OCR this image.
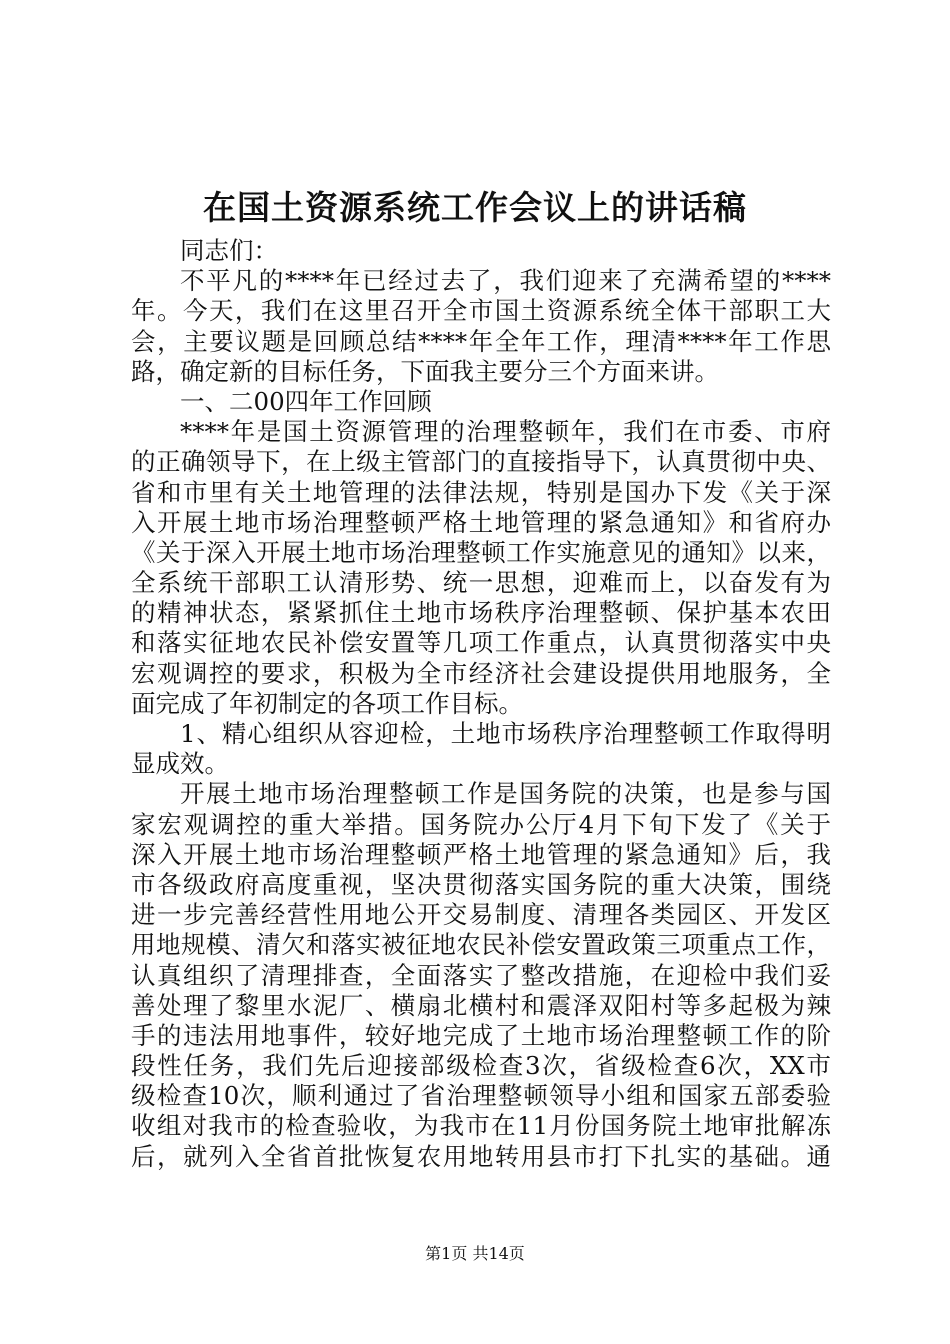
在国土资源系统工作会议上的讲话稿
同志们：
不平凡的****年已经过去了，我们迎来了充满希望的****
年。今天，我们在这里召开全市国土资源系统全体干部职工大
会，主要议题是回顾总结****年全年工作，理清****年工作思
路，确定新的目标任务，下面我主要分三个方面来讲。
一、二00四年工作回顾
****年是国土资源管理的治理整顿年，我们在市委、市府
的正确领导下，在上级主管部门的直接指导下，认真贯彻中央、
省和市里有关土地管理的法律法规，特别是国办下发《关于深
入开展土地市场治理整顿严格土地管理的紧急通知》和省府办
《关于深入开展土地市场治理整顿工作实施意见的通知》以来，
全系统干部职工认清形势、统一思想，迎难而上，以奋发有为
的精神状态，紧紧抓住土地市场秩序治理整顿、保护基本农田
和落实征地农民补偿安置等几项工作重点，认真贯彻落实中央
宏观调控的要求，积极为全市经济社会建设提供用地服务，全
面完成了年初制定的各项工作目标。
1、精心组织从容迎检，土地市场秩序治理整顿工作取得明
显成效。
开展土地市场治理整顿工作是国务院的决策，也是参与国
家宏观调控的重大举措。国务院办公厅4月下旬下发了《关于
深入开展土地市场治理整顿严格土地管理的紧急通知》后，我
市各级政府高度重视，坚决贯彻落实国务院的重大决策，围绕
进一步完善经营性用地公开交易制度、清理各类园区、开发区
用地规模、清欠和落实被征地农民补偿安置政策三项重点工作，
认真组织了清理排查，全面落实了整改措施，在迎检中我们妥
善处理了黎里水泥厂、横扇北横村和震泽双阳村等多起极为辣
手的违法用地事件，较好地完成了土地市场治理整顿工作的阶
段性任务，我们先后迎接部级检查3次，省级检查6次，XX市
级检查10次，顺利通过了省治理整顿领导小组和国家五部委验
收组对我市的检查验收，为我市在11月份国务院土地审批解冻
后，就列入全省首批恢复农用地转用县市打下扎实的基础。通
第1页 共14页
